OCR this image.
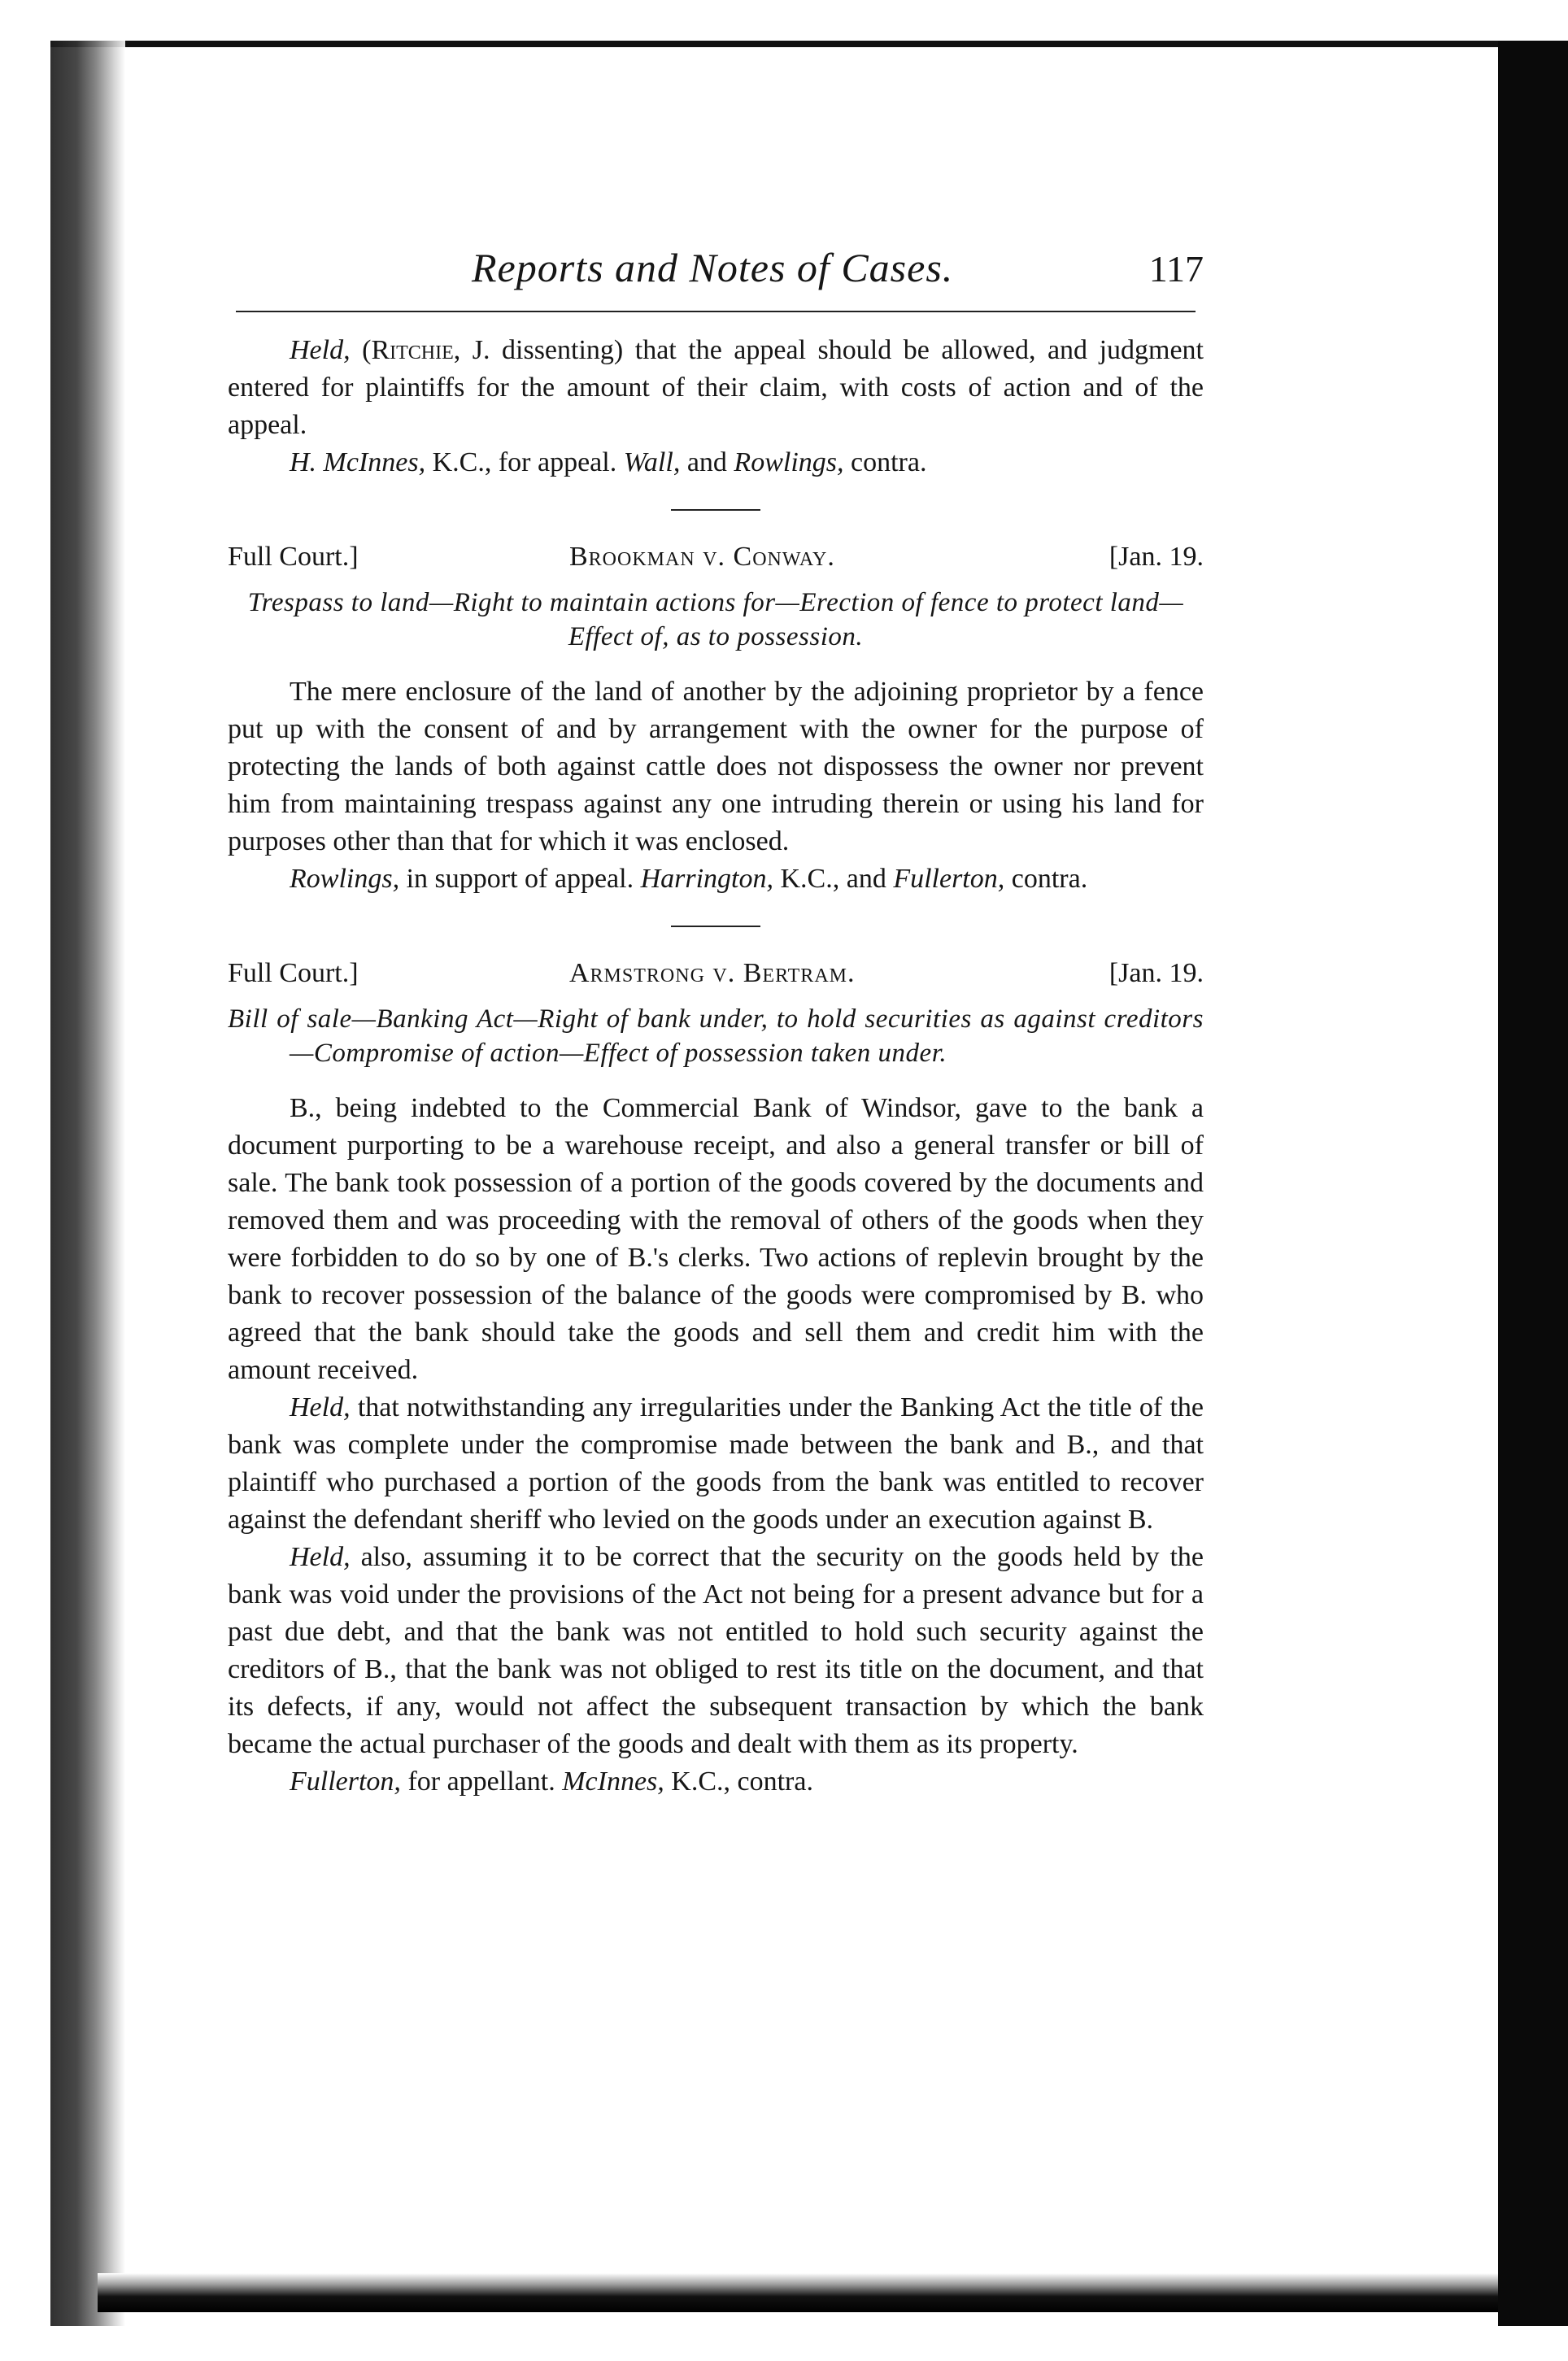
Reports and Notes of Cases.	117

Held, (Ritchie, J. dissenting) that the appeal should be allowed, and judgment entered for plaintiffs for the amount of their claim, with costs of action and of the appeal.

H. McInnes, K.C., for appeal. Wall, and Rowlings, contra.

Full Court.]	Brookman v. Conway.	[Jan. 19.

Trespass to land—Right to maintain actions for—Erection of fence to protect land—Effect of, as to possession.

The mere enclosure of the land of another by the adjoining proprietor by a fence put up with the consent of and by arrangement with the owner for the purpose of protecting the lands of both against cattle does not dispossess the owner nor prevent him from maintaining trespass against any one intruding therein or using his land for purposes other than that for which it was enclosed.

Rowlings, in support of appeal. Harrington, K.C., and Fullerton, contra.

Full Court.]	Armstrong v. Bertram.	[Jan. 19.

Bill of sale—Banking Act—Right of bank under, to hold securities as against creditors—Compromise of action—Effect of possession taken under.

B., being indebted to the Commercial Bank of Windsor, gave to the bank a document purporting to be a warehouse receipt, and also a general transfer or bill of sale. The bank took possession of a portion of the goods covered by the documents and removed them and was proceeding with the removal of others of the goods when they were forbidden to do so by one of B.'s clerks. Two actions of replevin brought by the bank to recover possession of the balance of the goods were compromised by B. who agreed that the bank should take the goods and sell them and credit him with the amount received.

Held, that notwithstanding any irregularities under the Banking Act the title of the bank was complete under the compromise made between the bank and B., and that plaintiff who purchased a portion of the goods from the bank was entitled to recover against the defendant sheriff who levied on the goods under an execution against B.

Held, also, assuming it to be correct that the security on the goods held by the bank was void under the provisions of the Act not being for a present advance but for a past due debt, and that the bank was not entitled to hold such security against the creditors of B., that the bank was not obliged to rest its title on the document, and that its defects, if any, would not affect the subsequent transaction by which the bank became the actual purchaser of the goods and dealt with them as its property.

Fullerton, for appellant. McInnes, K.C., contra.
